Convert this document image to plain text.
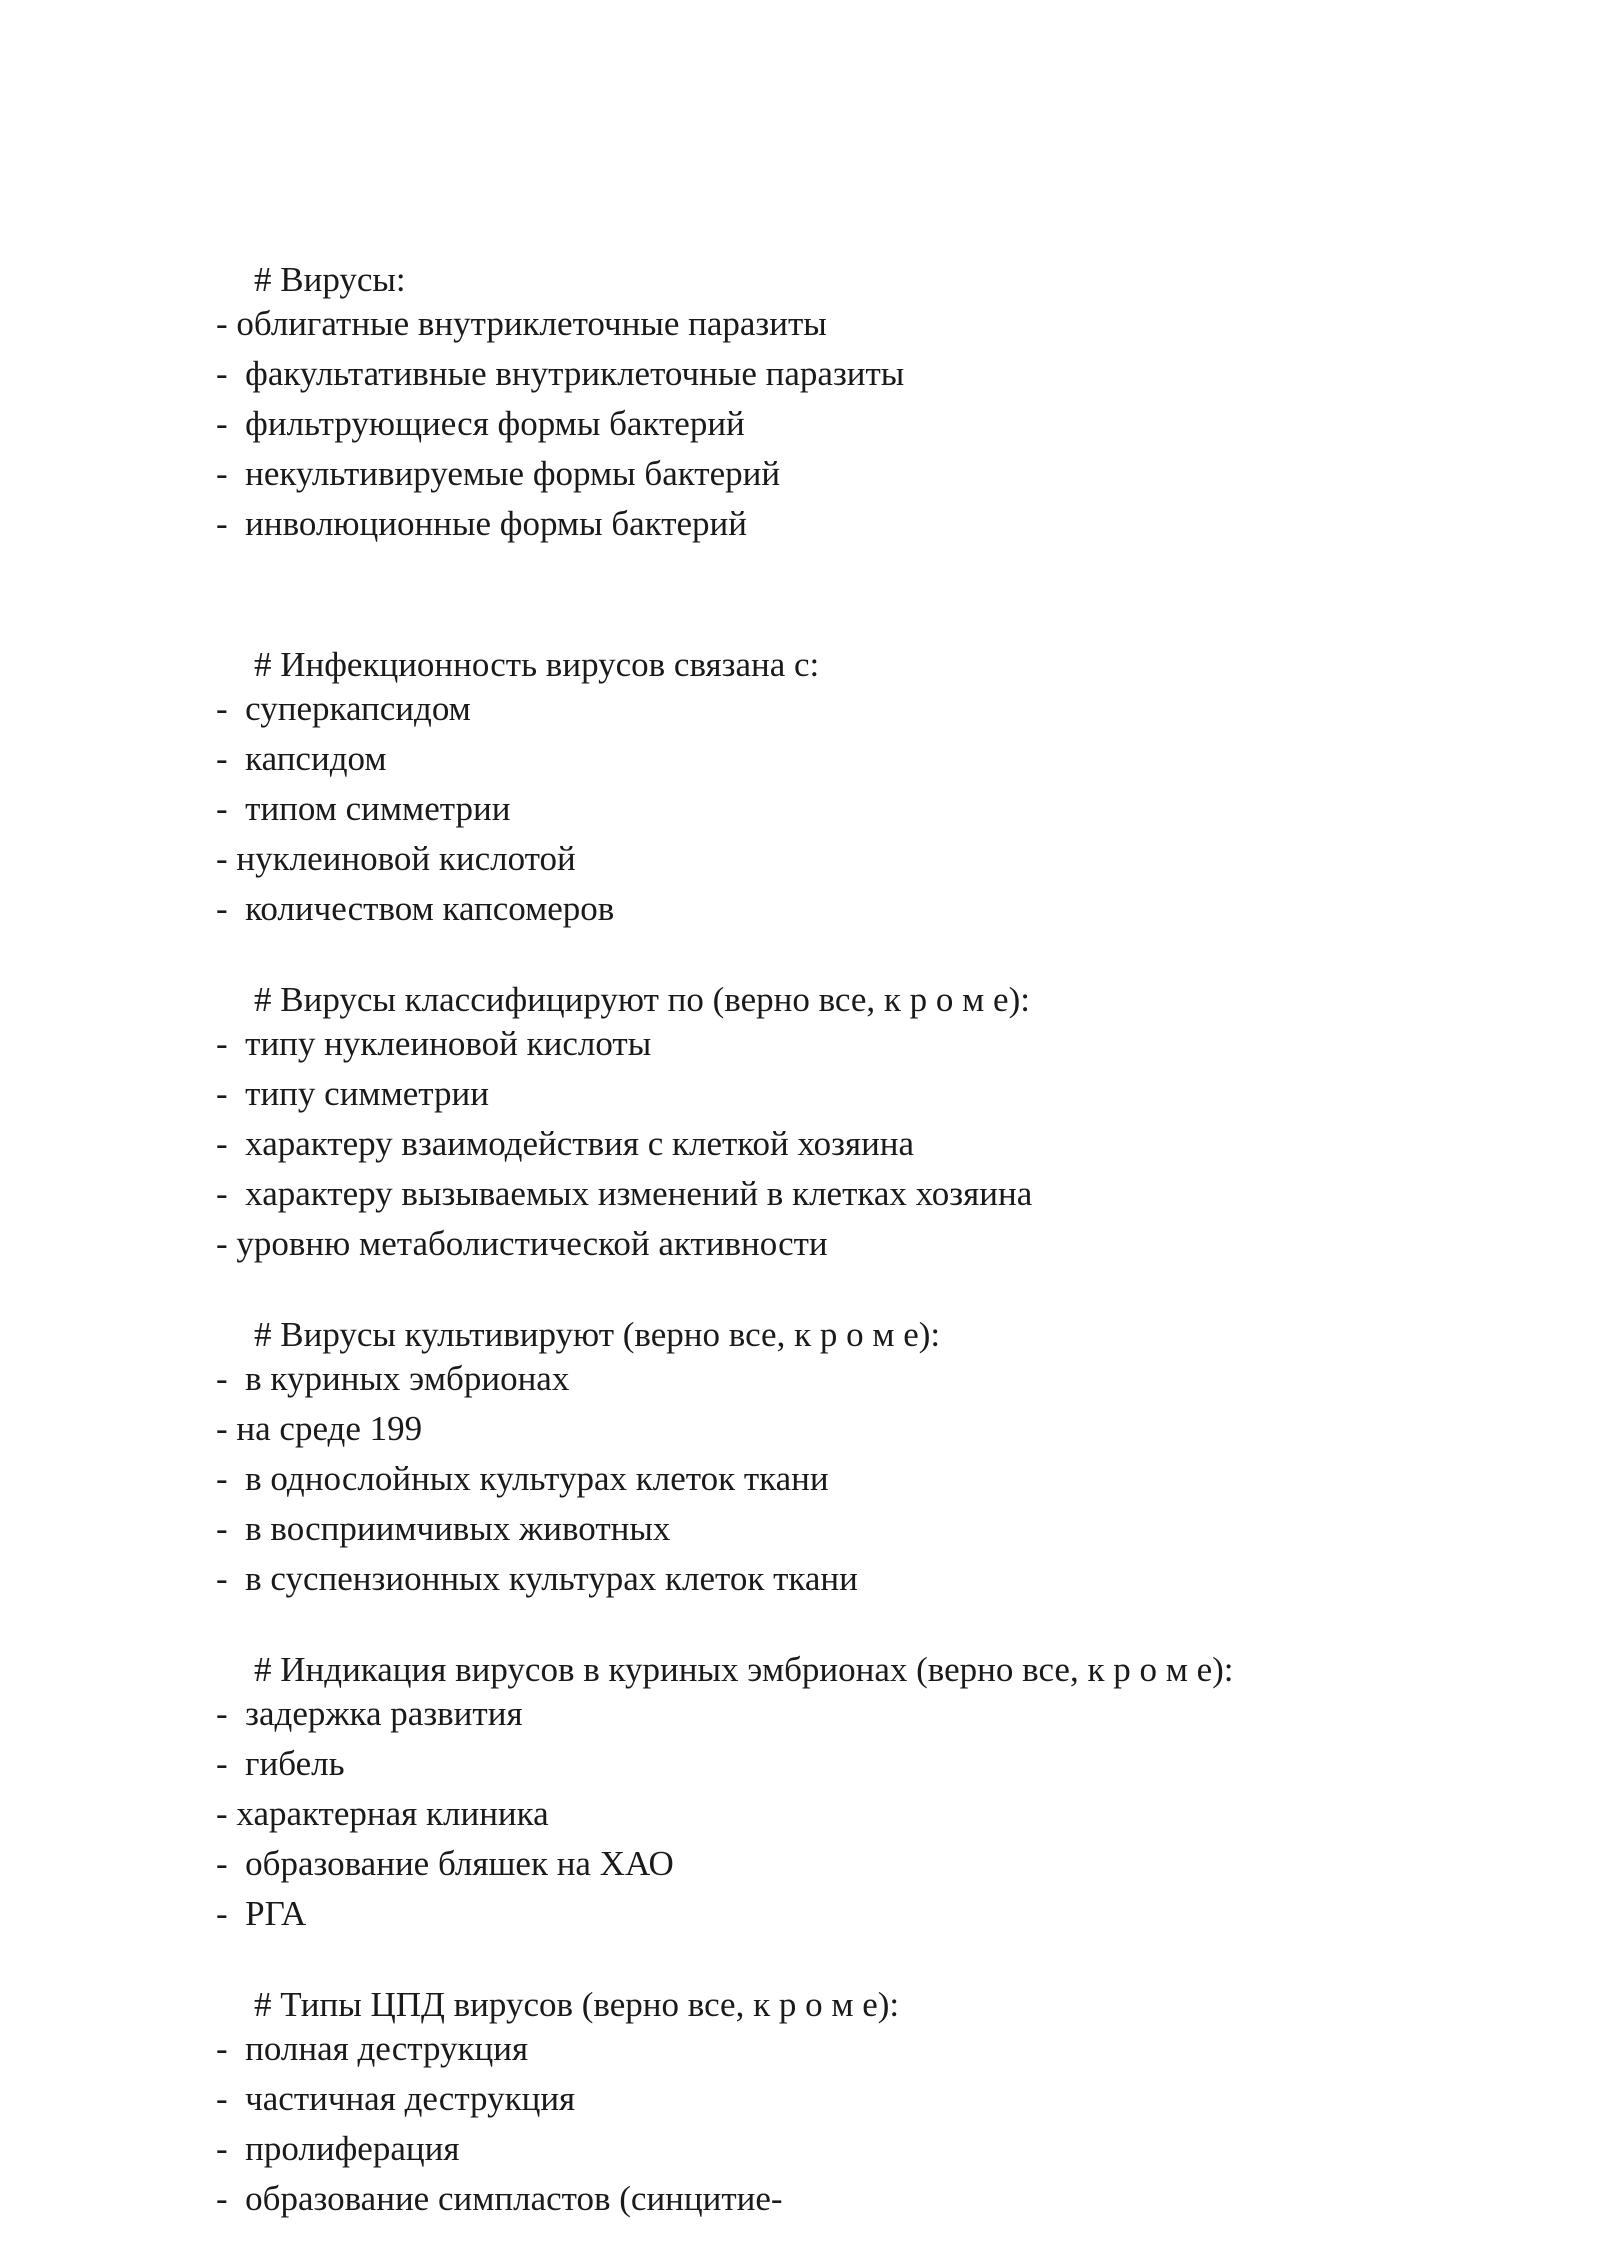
# Вирусы:
- облигатные внутриклеточные паразиты
-  факультативные внутриклеточные паразиты
-  фильтрующиеся формы бактерий
-  некультивируемые формы бактерий
-  инволюционные формы бактерий
# Инфекционность вирусов связана с:
-  суперкапсидом
-  капсидом
-  типом симметрии
- нуклеиновой кислотой
-  количеством капсомеров
# Вирусы классифицируют по (верно все, к р о м е):
-  типу нуклеиновой кислоты
-  типу симметрии
-  характеру взаимодействия с клеткой хозяина
-  характеру вызываемых изменений в клетках хозяина
- уровню метаболистической активности
# Вирусы культивируют (верно все, к р о м е):
-  в куриных эмбрионах
- на среде 199
-  в однослойных культурах клеток ткани
-  в восприимчивых животных
-  в суспензионных культурах клеток ткани
# Индикация вирусов в куриных эмбрионах (верно все, к р о м е):
-  задержка развития
-  гибель
- характерная клиника
-  образование бляшек на ХАО
-  РГА
# Типы ЦПД вирусов (верно все, к р о м е):
-  полная деструкция
-  частичная деструкция
-  пролиферация
-  образование симпластов (синцитие-
